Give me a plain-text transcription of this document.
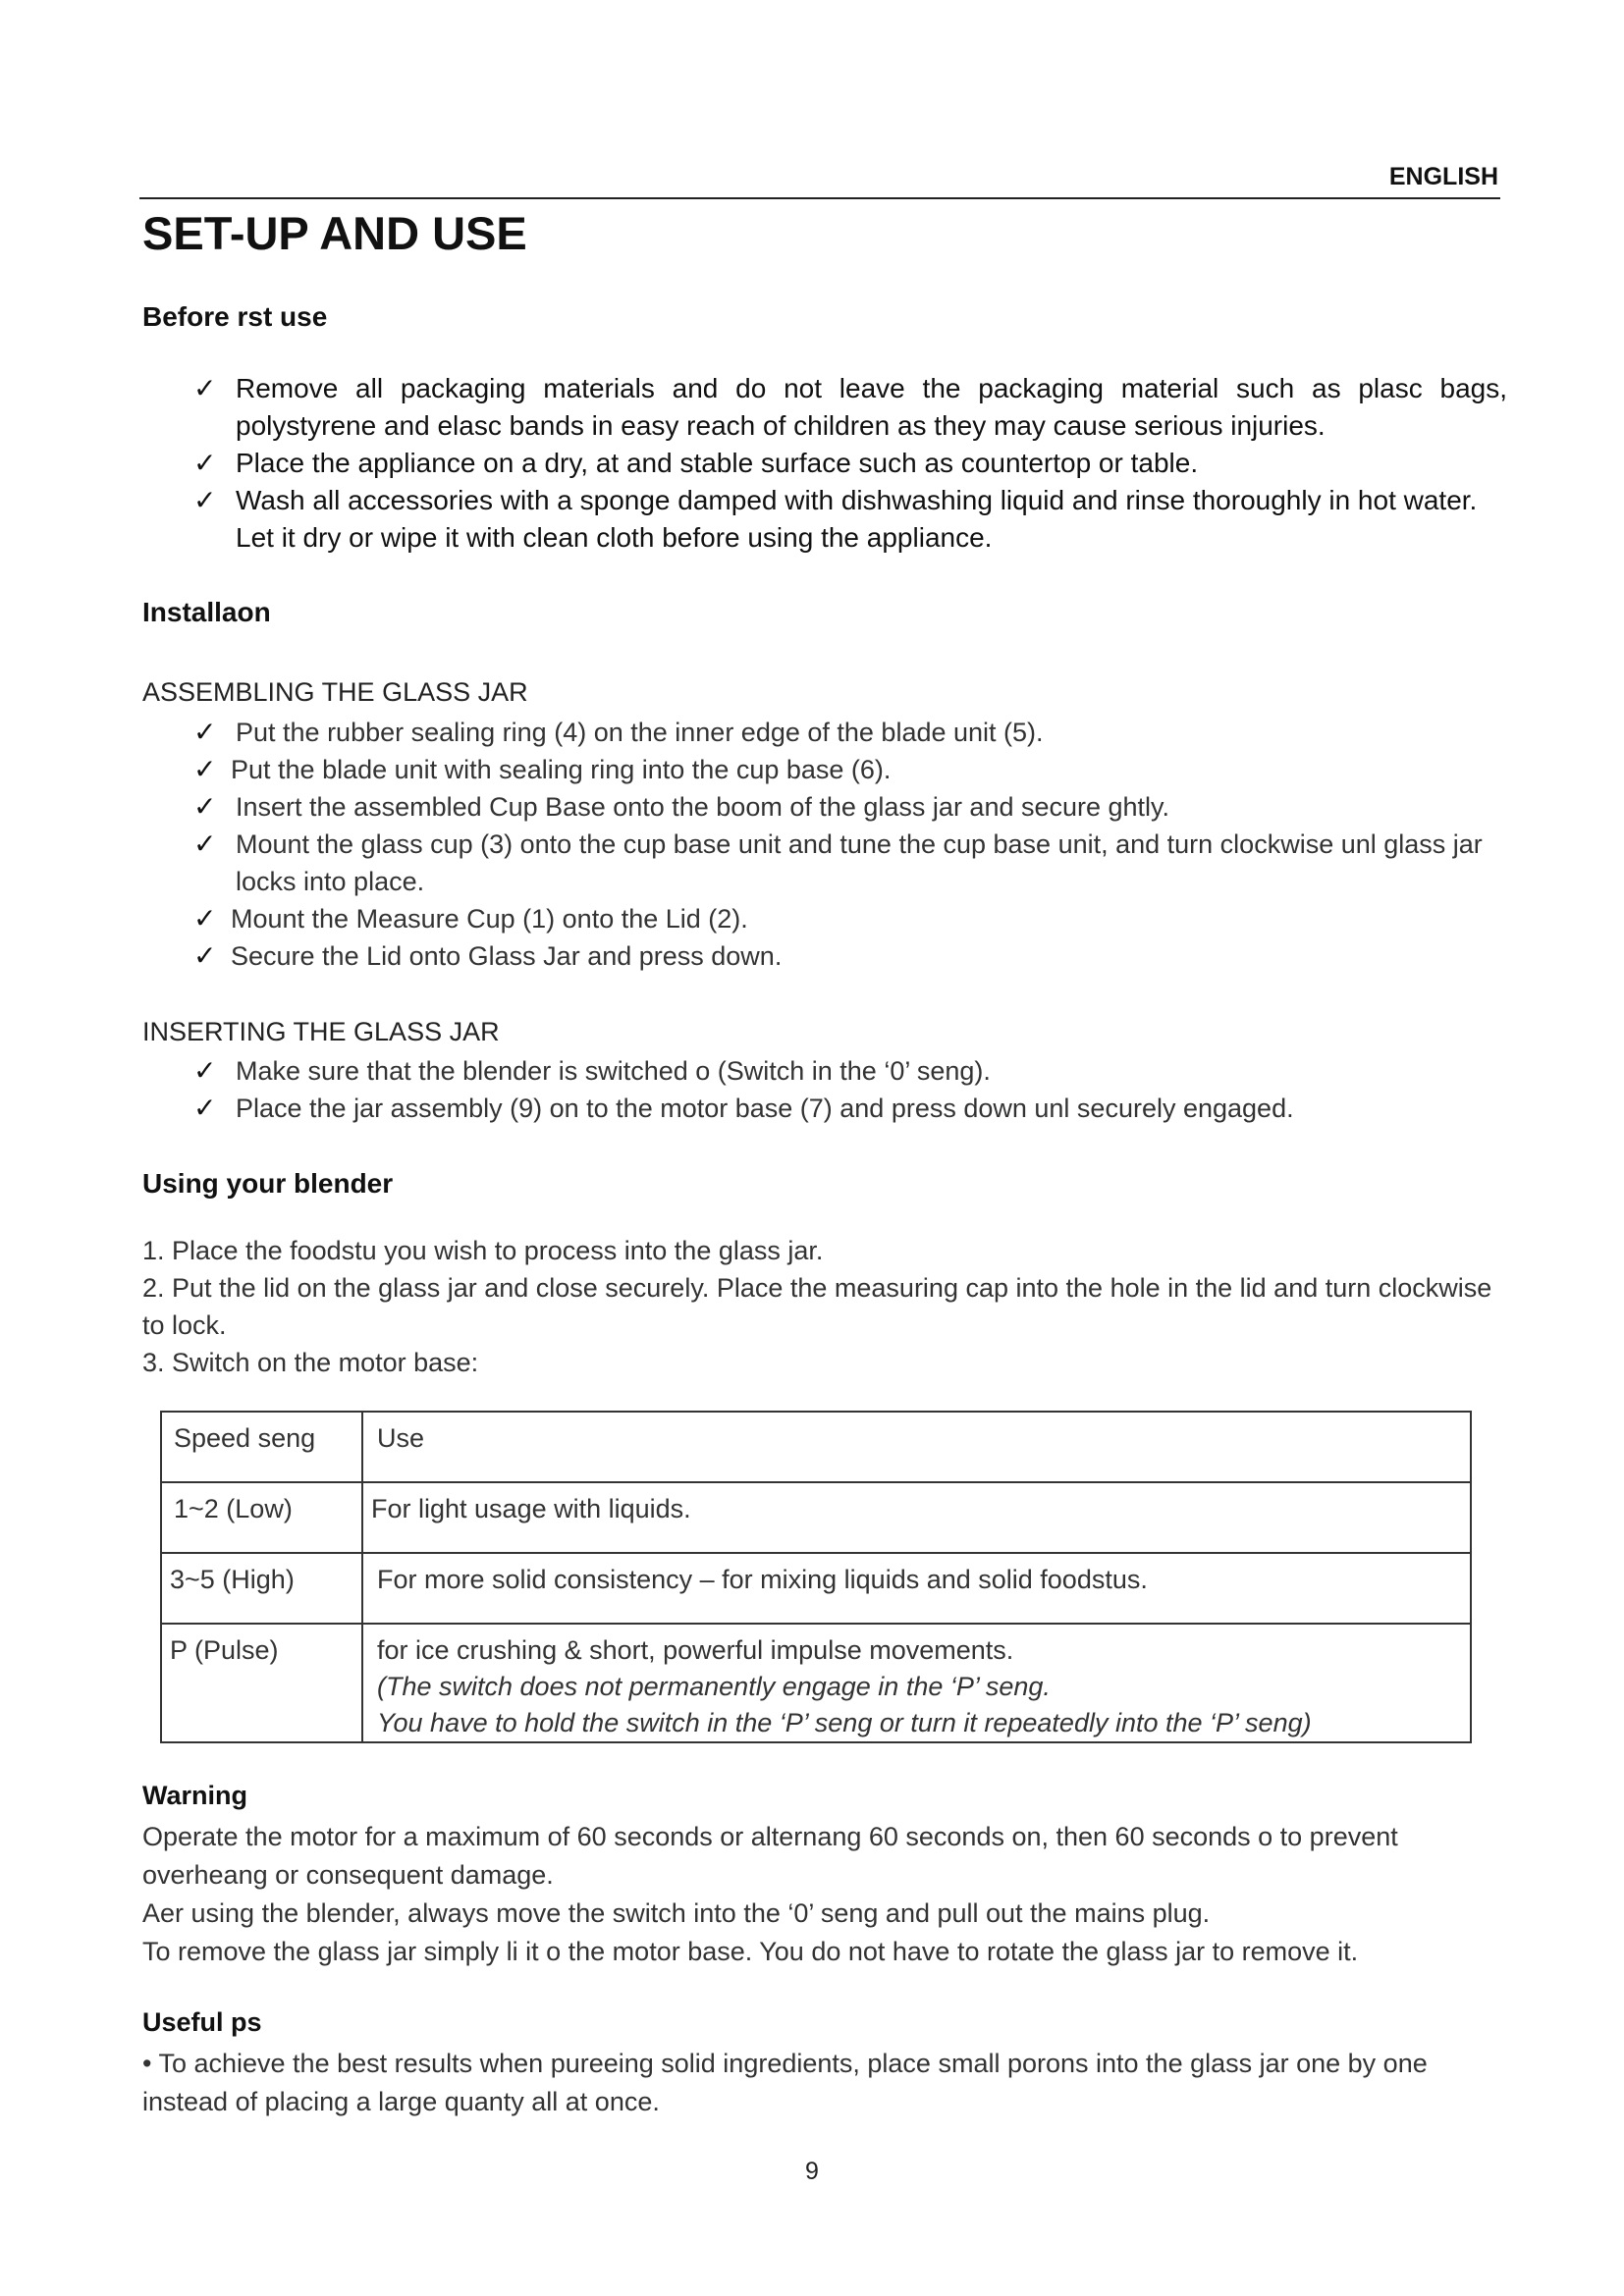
ENGLISH
SET-UP AND USE
Before rst use
✓ Remove all packaging materials and do not leave the packaging material such as plasc bags, polystyrene and elasc bands in easy reach of children as they may cause serious injuries.
✓ Place the appliance on a dry, at and stable surface such as countertop or table.
✓ Wash all accessories with a sponge damped with dishwashing liquid and rinse thoroughly in hot water. Let it dry or wipe it with clean cloth before using the appliance.
Installaon

ASSEMBLING THE GLASS JAR

✓ Put the rubber sealing ring (4) on the inner edge of the blade unit (5).
✓ Put the blade unit with sealing ring into the cup base (6).
✓ Insert the assembled Cup Base onto the boom of the glass jar and secure ghtly.
✓ Mount the glass cup (3) onto the cup base unit and tune the cup base unit, and turn clockwise unl glass jar locks into place.
✓ Mount the Measure Cup (1) onto the Lid (2).
✓ Secure the Lid onto Glass Jar and press down.

INSERTING THE GLASS JAR

✓ Make sure that the blender is switched o (Switch in the ‘0’ seng).
✓ Place the jar assembly (9) on to the motor base (7) and press down unl securely engaged.
Using your blender
1. Place the foodstu you wish to process into the glass jar.
2. Put the lid on the glass jar and close securely. Place the measuring cap into the hole in the lid and turn clockwise to lock.
3. Switch on the motor base:
Speed seng	Use
1~2 (Low)	For light usage with liquids.
3~5 (High)	For more solid consistency – for mixing liquids and solid foodstus.
P (Pulse)	for ice crushing & short, powerful impulse movements.
(The switch does not permanently engage in the ‘P’ seng.
You have to hold the switch in the ‘P’ seng or turn it repeatedly into the ‘P’ seng)
Warning

Operate the motor for a maximum of 60 seconds or alternang 60 seconds on, then 60 seconds o to prevent overheang or consequent damage.

Aer using the blender, always move the switch into the ‘0’ seng and pull out the mains plug.

To remove the glass jar simply li it o the motor base. You do not have to rotate the glass jar to remove it.

Useful ps

• To achieve the best results when pureeing solid ingredients, place small porons into the glass jar one by one instead of placing a large quanty all at once.

9
